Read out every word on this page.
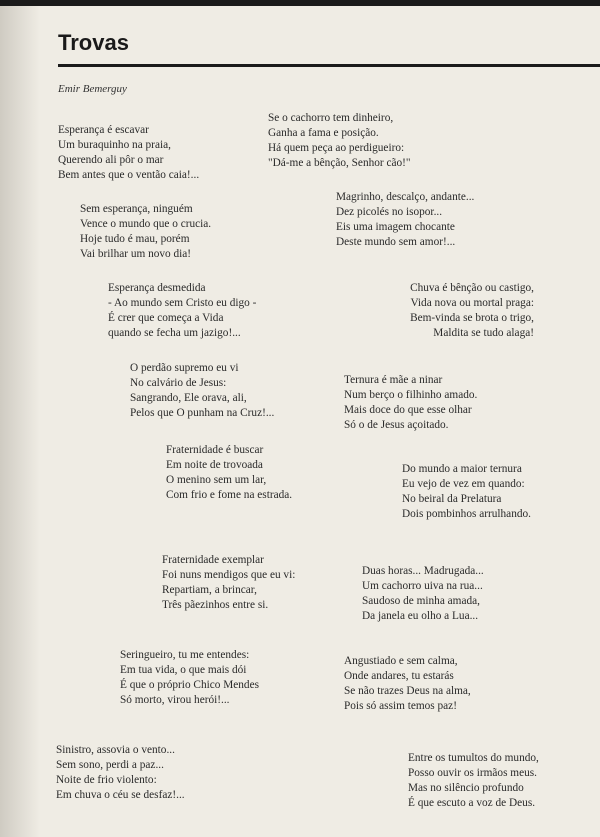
Trovas
Emir Bemerguy
Esperança é escavar
Um buraquinho na praia,
Querendo ali pôr o mar
Bem antes que o ventão caia!...
Se o cachorro tem dinheiro,
Ganha a fama e posição.
Há quem peça ao perdigueiro:
"Dá-me a bênção, Senhor cão!"
Sem esperança, ninguém
Vence o mundo que o crucia.
Hoje tudo é mau, porém
Vai brilhar um novo dia!
Magrinho, descalço, andante...
Dez picolés no isopor...
Eis uma imagem chocante
Deste mundo sem amor!...
Esperança desmedida
- Ao mundo sem Cristo eu digo -
É crer que começa a Vida
quando se fecha um jazigo!...
Chuva é bênção ou castigo,
Vida nova ou mortal praga:
Bem-vinda se brota o trigo,
Maldita se tudo alaga!
O perdão supremo eu vi
No calvário de Jesus:
Sangrando, Ele orava, ali,
Pelos que O punham na Cruz!...
Ternura é mãe a ninar
Num berço o filhinho amado.
Mais doce do que esse olhar
Só o de Jesus açoitado.
Fraternidade é buscar
Em noite de trovoada
O menino sem um lar,
Com frio e fome na estrada.
Do mundo a maior ternura
Eu vejo de vez em quando:
No beiral da Prelatura
Dois pombinhos arrulhando.
Fraternidade exemplar
Foi nuns mendigos que eu vi:
Repartiam, a brincar,
Três pãezinhos entre si.
Duas horas... Madrugada...
Um cachorro uiva na rua...
Saudoso de minha amada,
Da janela eu olho a Lua...
Seringueiro, tu me entendes:
Em tua vida, o que mais dói
É que o próprio Chico Mendes
Só morto, virou herói!...
Angustiado e sem calma,
Onde andares, tu estarás
Se não trazes Deus na alma,
Pois só assim temos paz!
Sinistro, assovia o vento...
Sem sono, perdi a paz...
Noite de frio violento:
Em chuva o céu se desfaz!...
Entre os tumultos do mundo,
Posso ouvir os irmãos meus.
Mas no silêncio profundo
É que escuto a voz de Deus.
